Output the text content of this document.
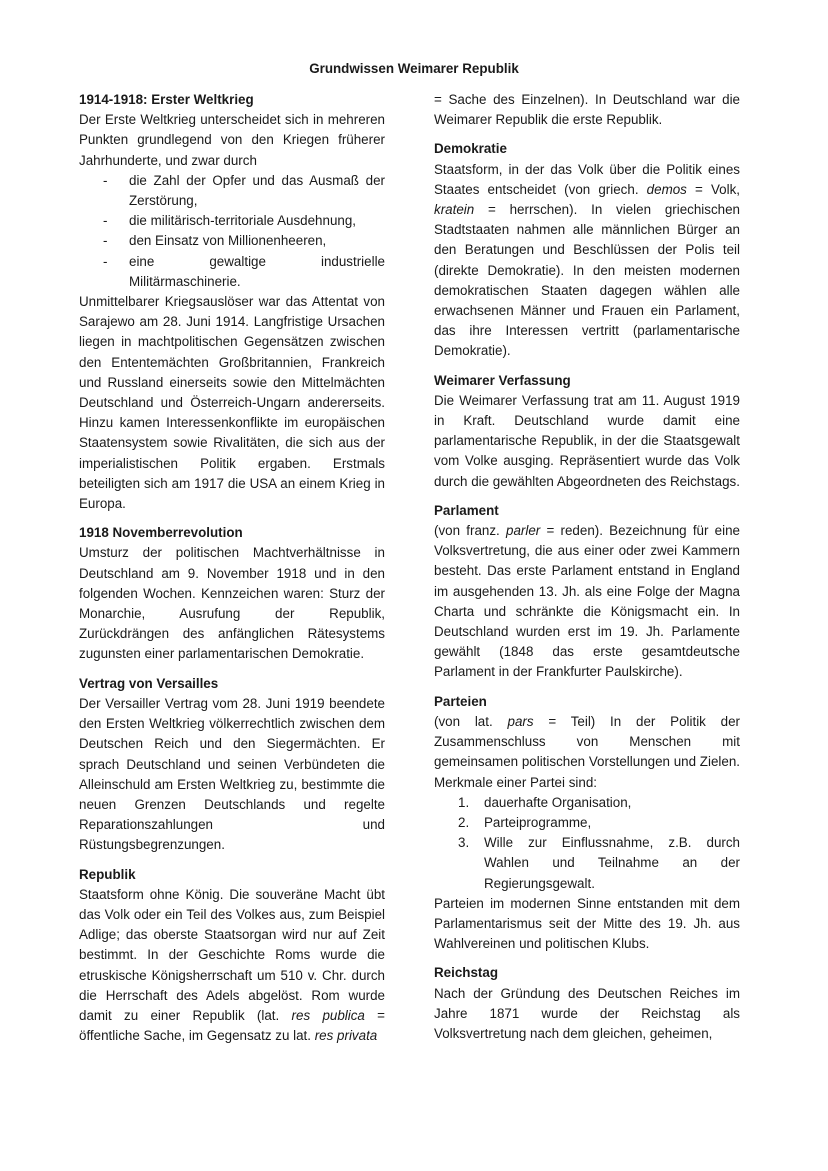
Grundwissen Weimarer Republik
1914-1918: Erster Weltkrieg

Der Erste Weltkrieg unterscheidet sich in mehreren Punkten grundlegend von den Kriegen früherer Jahrhunderte, und zwar durch

- die Zahl der Opfer und das Ausmaß der Zerstörung,
- die militärisch-territoriale Ausdehnung,
- den Einsatz von Millionenheeren,
- eine gewaltige industrielle Militärmaschinerie.

Unmittelbarer Kriegsauslöser war das Attentat von Sarajewo am 28. Juni 1914. Langfristige Ursachen liegen in machtpolitischen Gegensätzen zwischen den Ententemächten Großbritannien, Frankreich und Russland einerseits sowie den Mittelmächten Deutschland und Österreich-Ungarn andererseits. Hinzu kamen Interessenkonflikte im europäischen Staatensystem sowie Rivalitäten, die sich aus der imperialistischen Politik ergaben. Erstmals beteiligten sich am 1917 die USA an einem Krieg in Europa.

1918 Novemberrevolution

Umsturz der politischen Machtverhältnisse in Deutschland am 9. November 1918 und in den folgenden Wochen. Kennzeichen waren: Sturz der Monarchie, Ausrufung der Republik, Zurückdrängen des anfänglichen Rätesystems zugunsten einer parlamentarischen Demokratie.

Vertrag von Versailles

Der Versailler Vertrag vom 28. Juni 1919 beendete den Ersten Weltkrieg völkerrechtlich zwischen dem Deutschen Reich und den Siegermächten. Er sprach Deutschland und seinen Verbündeten die Alleinschuld am Ersten Weltkrieg zu, bestimmte die neuen Grenzen Deutschlands und regelte Reparationszahlungen und Rüstungsbegrenzungen.

Republik

Staatsform ohne König. Die souveräne Macht übt das Volk oder ein Teil des Volkes aus, zum Beispiel Adlige; das oberste Staatsorgan wird nur auf Zeit bestimmt. In der Geschichte Roms wurde die etruskische Königsherrschaft um 510 v. Chr. durch die Herrschaft des Adels abgelöst. Rom wurde damit zu einer Republik (lat. res publica = öffentliche Sache, im Gegensatz zu lat. res privata

= Sache des Einzelnen). In Deutschland war die Weimarer Republik die erste Republik.

Demokratie

Staatsform, in der das Volk über die Politik eines Staates entscheidet (von griech. demos = Volk, kratein = herrschen). In vielen griechischen Stadtstaaten nahmen alle männlichen Bürger an den Beratungen und Beschlüssen der Polis teil (direkte Demokratie). In den meisten modernen demokratischen Staaten dagegen wählen alle erwachsenen Männer und Frauen ein Parlament, das ihre Interessen vertritt (parlamentarische Demokratie).

Weimarer Verfassung

Die Weimarer Verfassung trat am 11. August 1919 in Kraft. Deutschland wurde damit eine parlamentarische Republik, in der die Staatsgewalt vom Volke ausging. Repräsentiert wurde das Volk durch die gewählten Abgeordneten des Reichstags.

Parlament

(von franz. parler = reden). Bezeichnung für eine Volksvertretung, die aus einer oder zwei Kammern besteht. Das erste Parlament entstand in England im ausgehenden 13. Jh. als eine Folge der Magna Charta und schränkte die Königsmacht ein. In Deutschland wurden erst im 19. Jh. Parlamente gewählt (1848 das erste gesamtdeutsche Parlament in der Frankfurter Paulskirche).

Parteien

(von lat. pars = Teil) In der Politik der Zusammenschluss von Menschen mit gemeinsamen politischen Vorstellungen und Zielen. Merkmale einer Partei sind:

1. dauerhafte Organisation,
2. Parteiprogramme,
3. Wille zur Einflussnahme, z.B. durch Wahlen und Teilnahme an der Regierungsgewalt.

Parteien im modernen Sinne entstanden mit dem Parlamentarismus seit der Mitte des 19. Jh. aus Wahlvereinen und politischen Klubs.

Reichstag

Nach der Gründung des Deutschen Reiches im Jahre 1871 wurde der Reichstag als Volksvertretung nach dem gleichen, geheimen,
